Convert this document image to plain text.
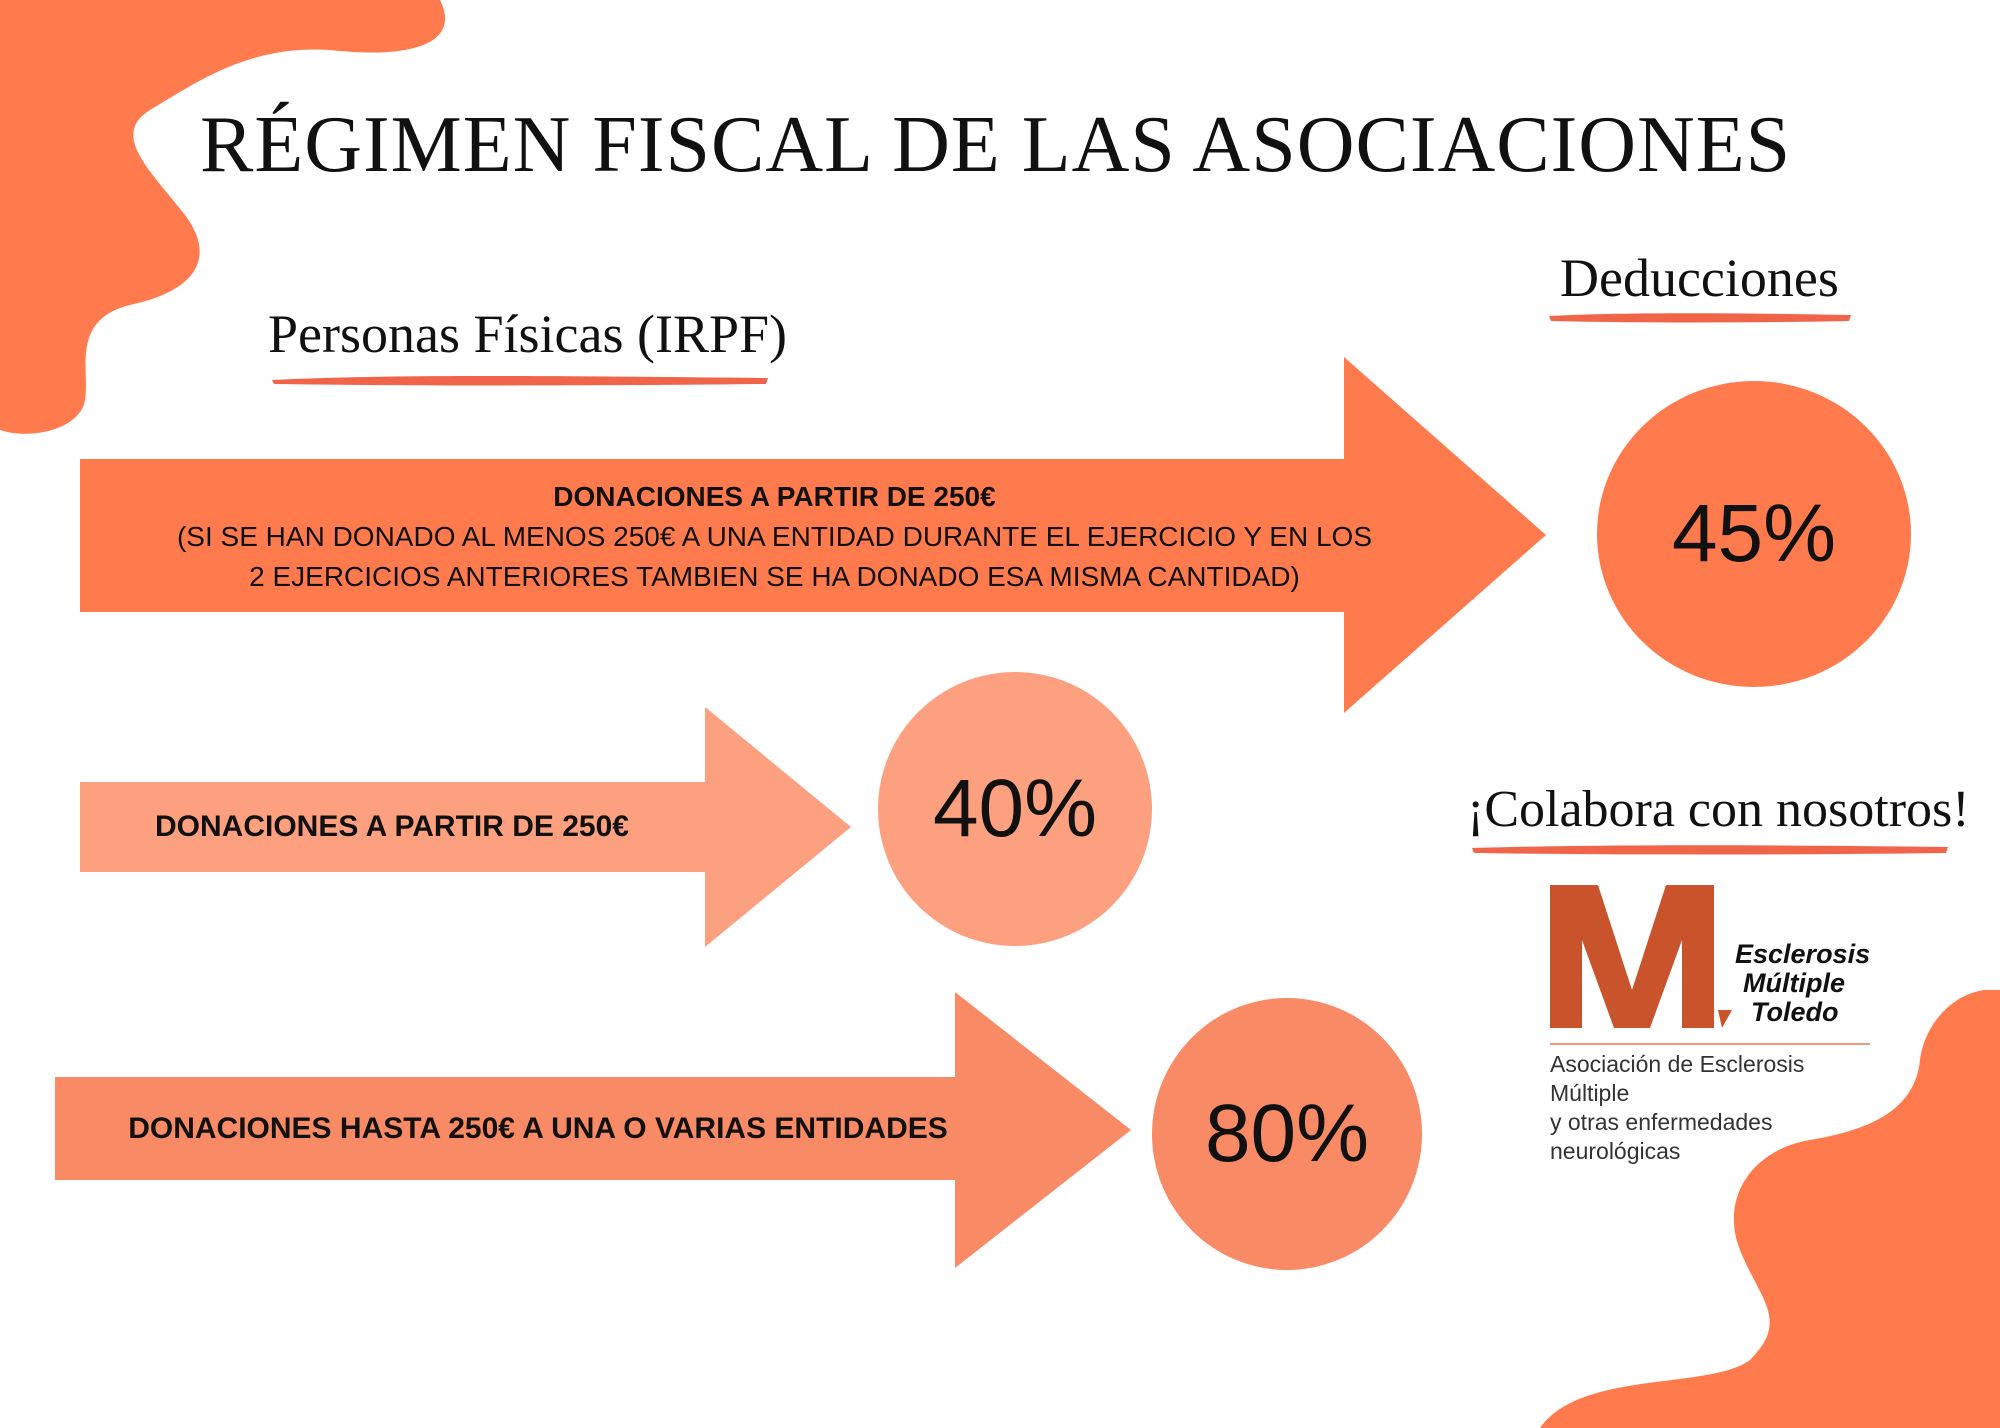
RÉGIMEN FISCAL DE LAS ASOCIACIONES
Personas Físicas (IRPF)
Deducciones
DONACIONES A PARTIR DE 250€
(SI SE HAN DONADO AL MENOS 250€ A UNA ENTIDAD DURANTE EL EJERCICIO Y EN LOS
2 EJERCICIOS ANTERIORES TAMBIEN SE HA DONADO ESA MISMA CANTIDAD)	45%
DONACIONES A PARTIR DE 250€	40%
DONACIONES HASTA 250€ A UNA O VARIAS ENTIDADES	80%
¡Colabora con nosotros!
Esclerosis
Múltiple
Toledo
Asociación de Esclerosis Múltiple
y otras enfermedades neurológicas
